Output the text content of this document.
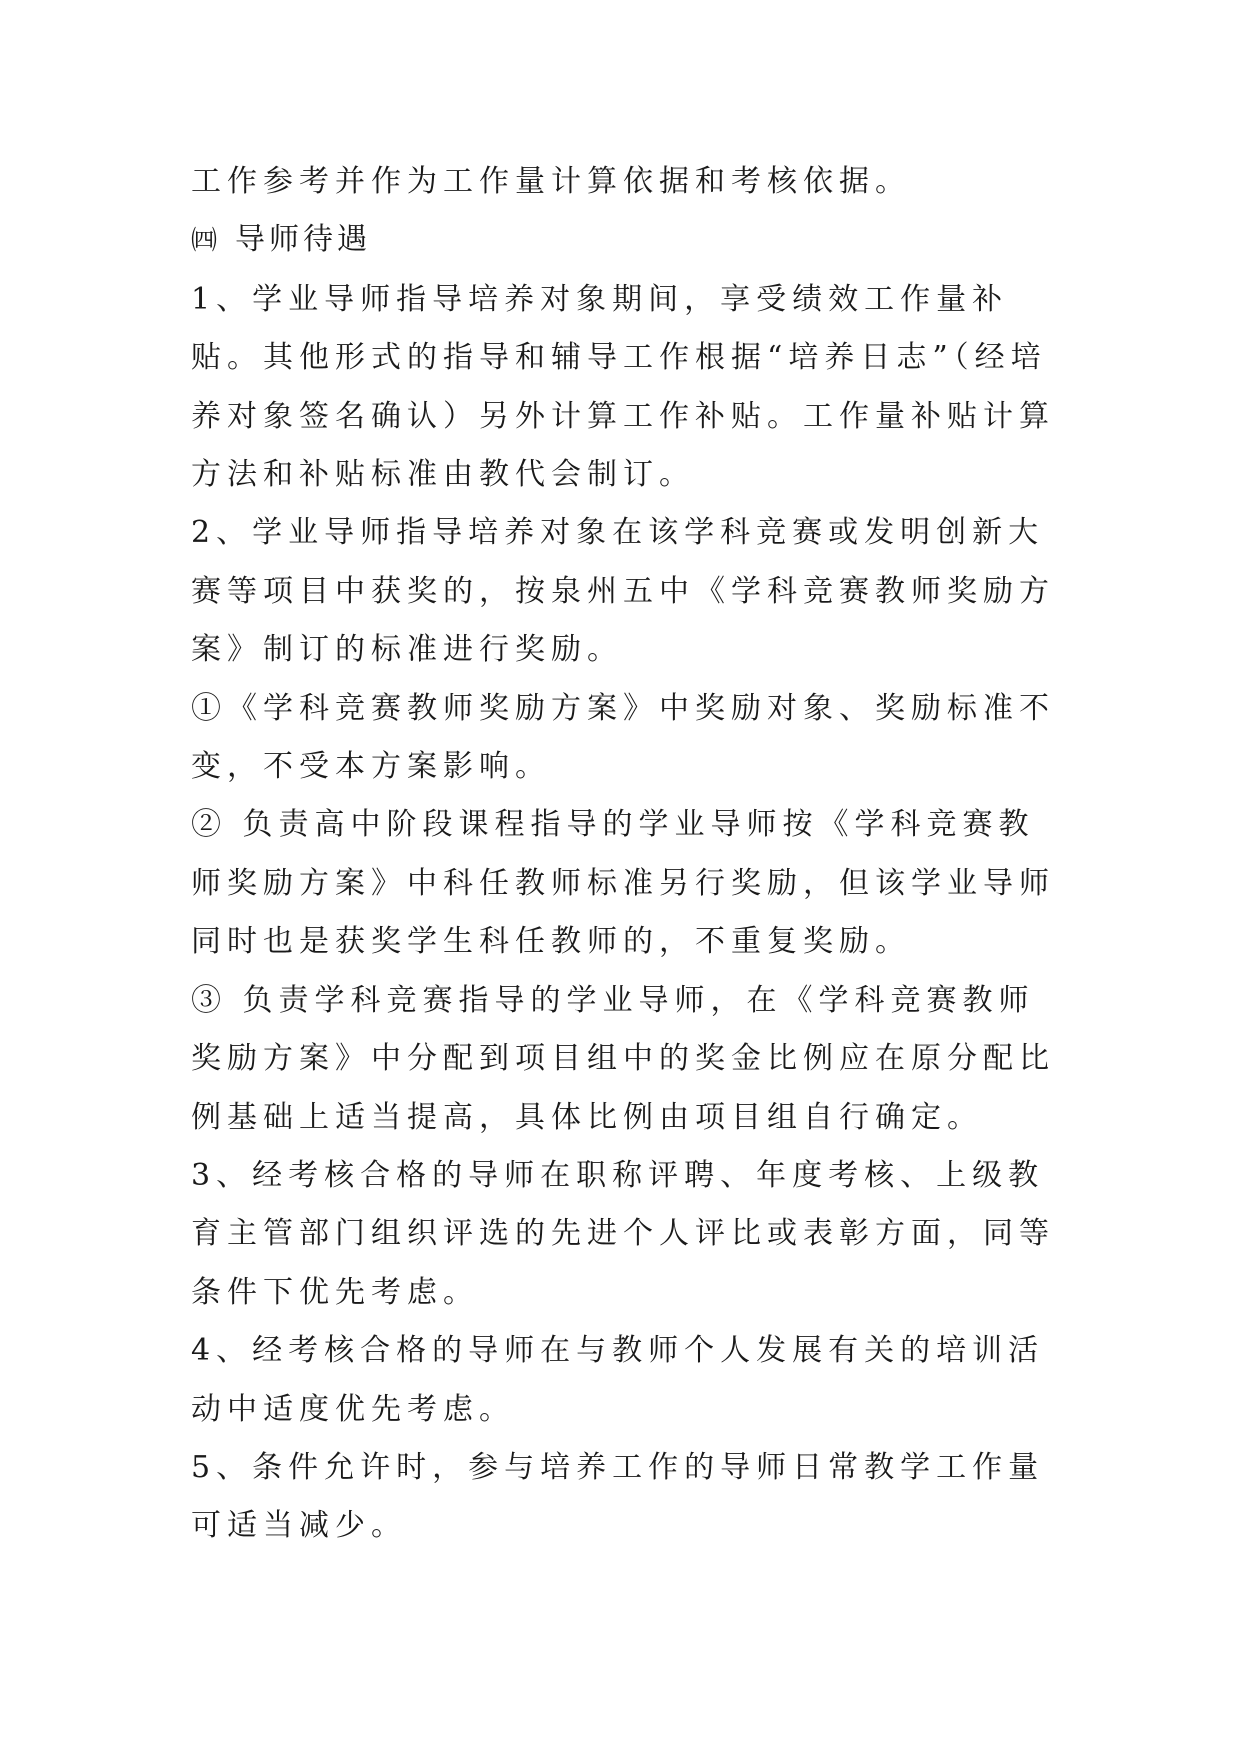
工作参考并作为工作量计算依据和考核依据。

㈣ 导师待遇

1、学业导师指导培养对象期间，享受绩效工作量补贴。其他形式的指导和辅导工作根据“培养日志”（经培养对象签名确认）另外计算工作补贴。工作量补贴计算方法和补贴标准由教代会制订。

2、学业导师指导培养对象在该学科竞赛或发明创新大赛等项目中获奖的，按泉州五中《学科竞赛教师奖励方案》制订的标准进行奖励。

①《学科竞赛教师奖励方案》中奖励对象、奖励标准不变，不受本方案影响。

② 负责高中阶段课程指导的学业导师按《学科竞赛教师奖励方案》中科任教师标准另行奖励，但该学业导师同时也是获奖学生科任教师的，不重复奖励。

③ 负责学科竞赛指导的学业导师，在《学科竞赛教师奖励方案》中分配到项目组中的奖金比例应在原分配比例基础上适当提高，具体比例由项目组自行确定。

3、经考核合格的导师在职称评聘、年度考核、上级教育主管部门组织评选的先进个人评比或表彰方面，同等条件下优先考虑。

4、经考核合格的导师在与教师个人发展有关的培训活动中适度优先考虑。

5、条件允许时，参与培养工作的导师日常教学工作量可适当减少。
